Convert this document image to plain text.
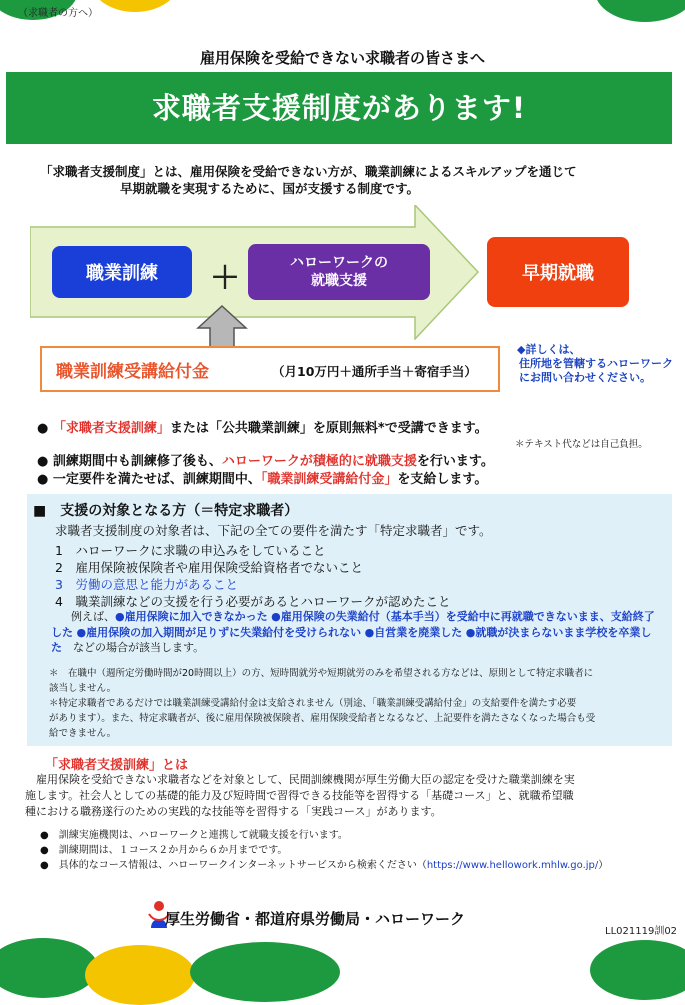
（求職者の方へ）
雇用保険を受給できない求職者の皆さまへ
求職者支援制度があります!
「求職者支援制度」とは、雇用保険を受給できない方が、職業訓練によるスキルアップを通じて
早期就職を実現するために、国が支援する制度です。
職業訓練 ＋	ハローワークの
就職支援	早期就職
職業訓練受講給付金	（月10万円＋通所手当＋寄宿手当）
◆詳しくは、
住所地を管轄するハローワーク
にお問い合わせください。
● 「求職者支援訓練」または「公共職業訓練」を原則無料*で受講できます。
＊テキスト代などは自己負担。
● 訓練期間中も訓練修了後も、ハローワークが積極的に就職支援を行います。
● 一定要件を満たせば、訓練期間中、「職業訓練受講給付金」を支給します。
■　支援の対象となる方（＝特定求職者）
求職者支援制度の対象者は、下記の全ての要件を満たす「特定求職者」です。
1　ハローワークに求職の申込みをしていること
2　雇用保険被保険者や雇用保険受給資格者でないこと
3　労働の意思と能力があること
4　職業訓練などの支援を行う必要があるとハローワークが認めたこと
例えば、●雇用保険に加入できなかった ●雇用保険の失業給付（基本手当）を受給中に再就職できないまま、支給終了した ●雇用保険の加入期間が足りずに失業給付を受けられない ●自営業を廃業した ●就職が決まらないまま学校を卒業した　などの場合が該当します。
＊　在職中（週所定労働時間が20時間以上）の方、短時間就労や短期就労のみを希望される方などは、原則として特定求職者に
該当しません。
＊特定求職者であるだけでは職業訓練受講給付金は支給されません（別途、「職業訓練受講給付金」の支給要件を満たす必要
があります）。また、特定求職者が、後に雇用保険被保険者、雇用保険受給者となるなど、上記要件を満たさなくなった場合も受
給できません。
「求職者支援訓練」とは
　雇用保険を受給できない求職者などを対象として、民間訓練機関が厚生労働大臣の認定を受けた職業訓練を実
施します。社会人としての基礎的能力及び短時間で習得できる技能等を習得する「基礎コース」と、就職希望職
種における職務遂行のための実践的な技能等を習得する「実践コース」があります。
●　訓練実施機関は、ハローワークと連携して就職支援を行います。
●　訓練期間は、１コース２か月から６か月までです。
●　具体的なコース情報は、ハローワークインターネットサービスから検索ください（https://www.hellowork.mhlw.go.jp/）
厚生労働省・都道府県労働局・ハローワーク
LL021119訓02
